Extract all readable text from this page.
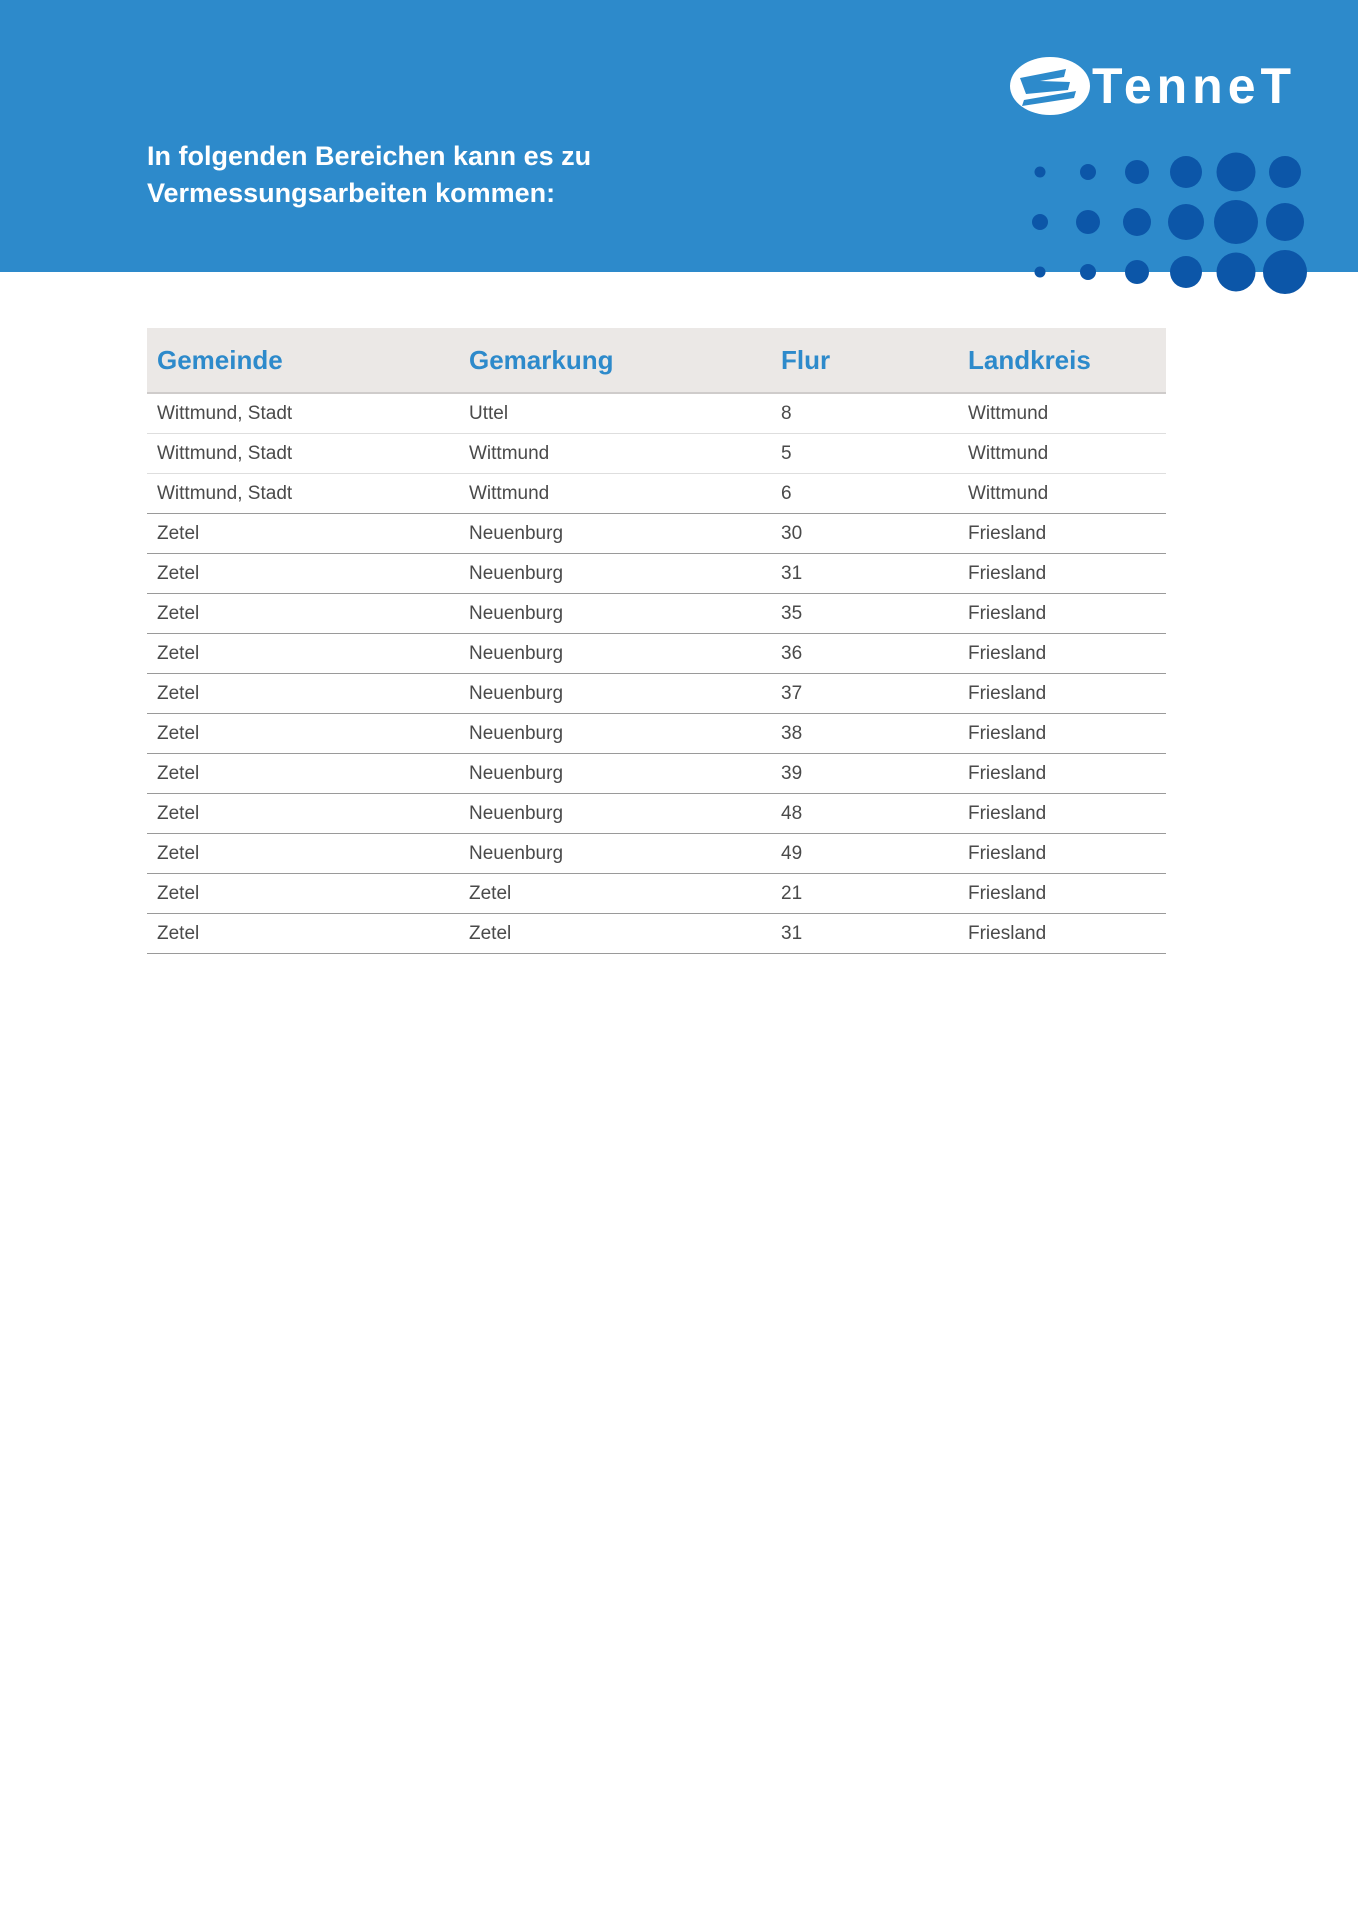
In folgenden Bereichen kann es zu
Vermessungsarbeiten kommen:
TenneT
Gemeinde	Gemarkung	Flur	Landkreis
Wittmund, Stadt	Uttel	8	Wittmund
Wittmund, Stadt	Wittmund	5	Wittmund
Wittmund, Stadt	Wittmund	6	Wittmund
Zetel	Neuenburg	30	Friesland
Zetel	Neuenburg	31	Friesland
Zetel	Neuenburg	35	Friesland
Zetel	Neuenburg	36	Friesland
Zetel	Neuenburg	37	Friesland
Zetel	Neuenburg	38	Friesland
Zetel	Neuenburg	39	Friesland
Zetel	Neuenburg	48	Friesland
Zetel	Neuenburg	49	Friesland
Zetel	Zetel	21	Friesland
Zetel	Zetel	31	Friesland
